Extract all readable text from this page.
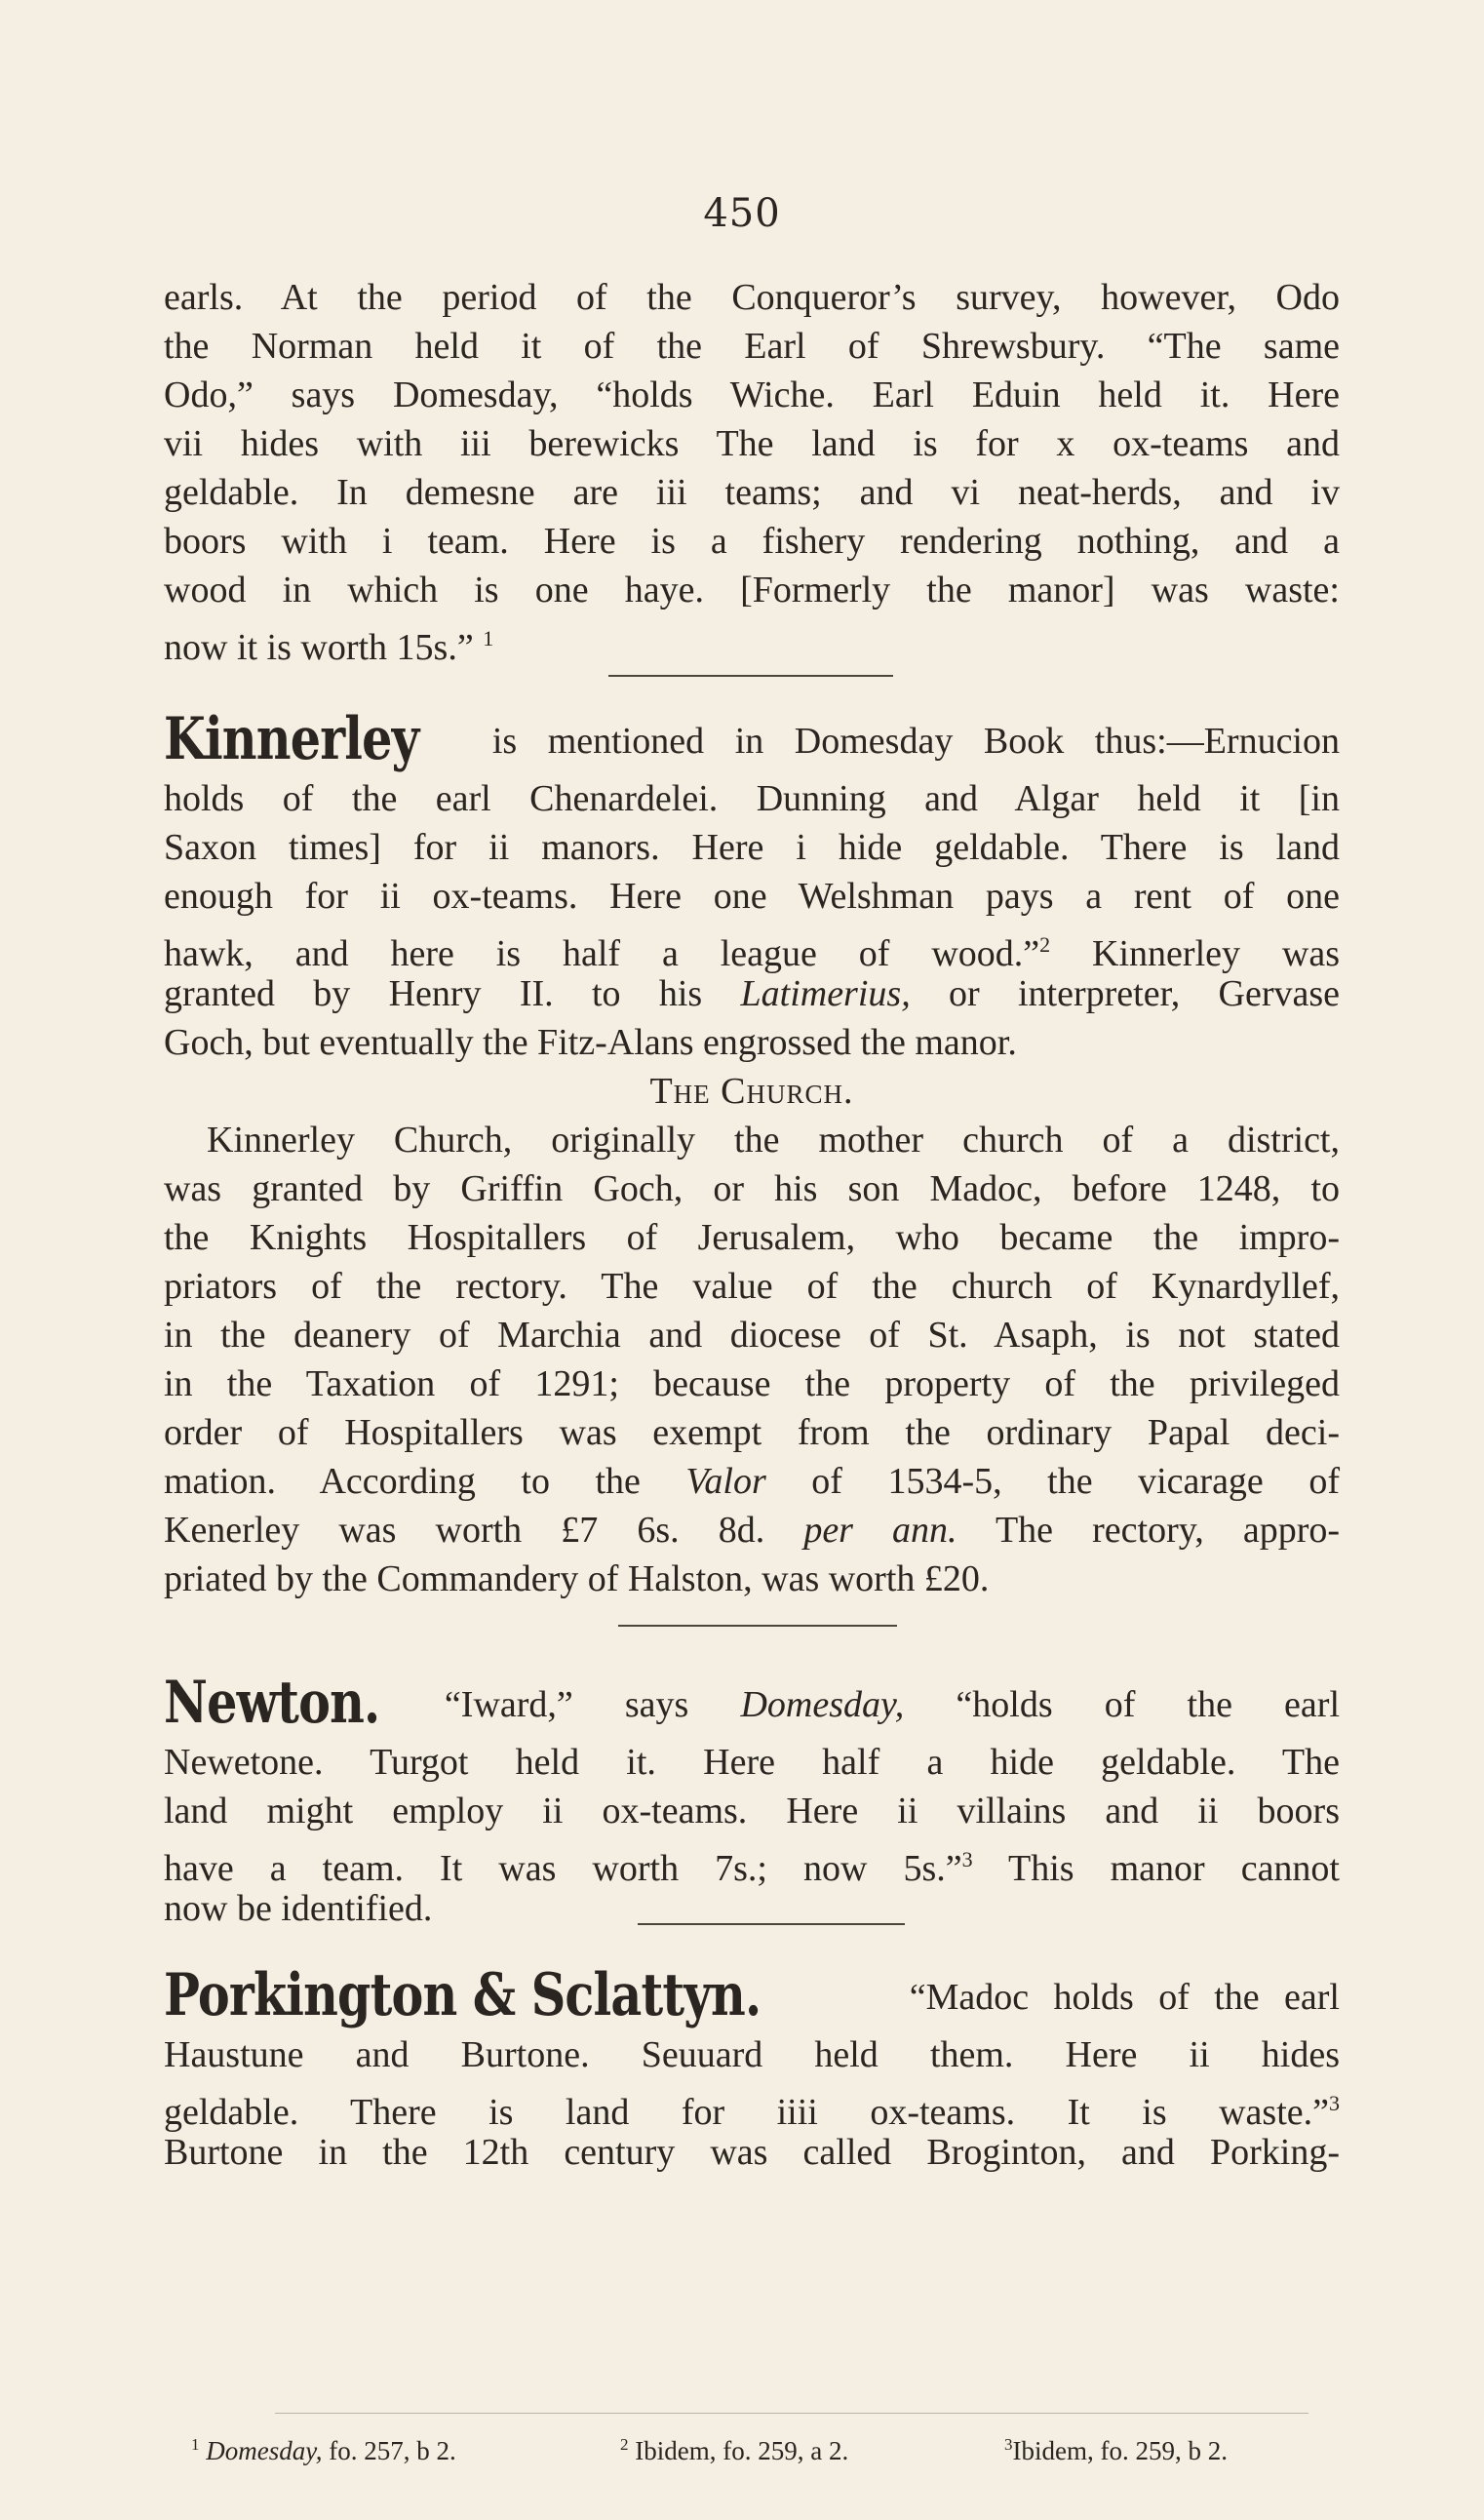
450
earls. At the period of the Conqueror’s survey, however, Odo
the Norman held it of the Earl of Shrewsbury. “The same
Odo,” says Domesday, “holds Wiche. Earl Eduin held it. Here
vii hides with iii berewicks The land is for x ox-teams and
geldable. In demesne are iii teams; and vi neat-herds, and iv
boors with i team. Here is a fishery rendering nothing, and a
wood in which is one haye. [Formerly the manor] was waste:
now it is worth 15s.” $^1$
Kinnerley is mentioned in Domesday Book thus:—Ernucion
holds of the earl Chenardelei. Dunning and Algar held it [in
Saxon times] for ii manors. Here i hide geldable. There is land
enough for ii ox-teams. Here one Welshman pays a rent of one
hawk, and here is half a league of wood.”$^2$ Kinnerley was
granted by Henry II. to his Latimerius, or interpreter, Gervase
Goch, but eventually the Fitz-Alans engrossed the manor.
The Church.
Kinnerley Church, originally the mother church of a district,
was granted by Griffin Goch, or his son Madoc, before 1248, to
the Knights Hospitallers of Jerusalem, who became the impro-
priators of the rectory. The value of the church of Kynardyllef,
in the deanery of Marchia and diocese of St. Asaph, is not stated
in the Taxation of 1291; because the property of the privileged
order of Hospitallers was exempt from the ordinary Papal deci-
mation. According to the Valor of 1534-5, the vicarage of
Kenerley was worth £7 6s. 8d. per ann. The rectory, appro-
priated by the Commandery of Halston, was worth £20.
Newton. “Iward,” says Domesday, “holds of the earl
Newetone. Turgot held it. Here half a hide geldable. The
land might employ ii ox-teams. Here ii villains and ii boors
have a team. It was worth 7s.; now 5s.”$^3$ This manor cannot
now be identified.
Porkington & Sclattyn.	“Madoc holds of the earl
Haustune and Burtone. Seuuard held them. Here ii hides
geldable. There is land for iiii ox-teams. It is waste.”$^3$
Burtone in the 12th century was called Broginton, and Porking-
$^1$ Domesday, fo. 257, b 2.	$^2$ Ibidem, fo. 259, a 2.	$^3$Ibidem, fo. 259, b 2.
